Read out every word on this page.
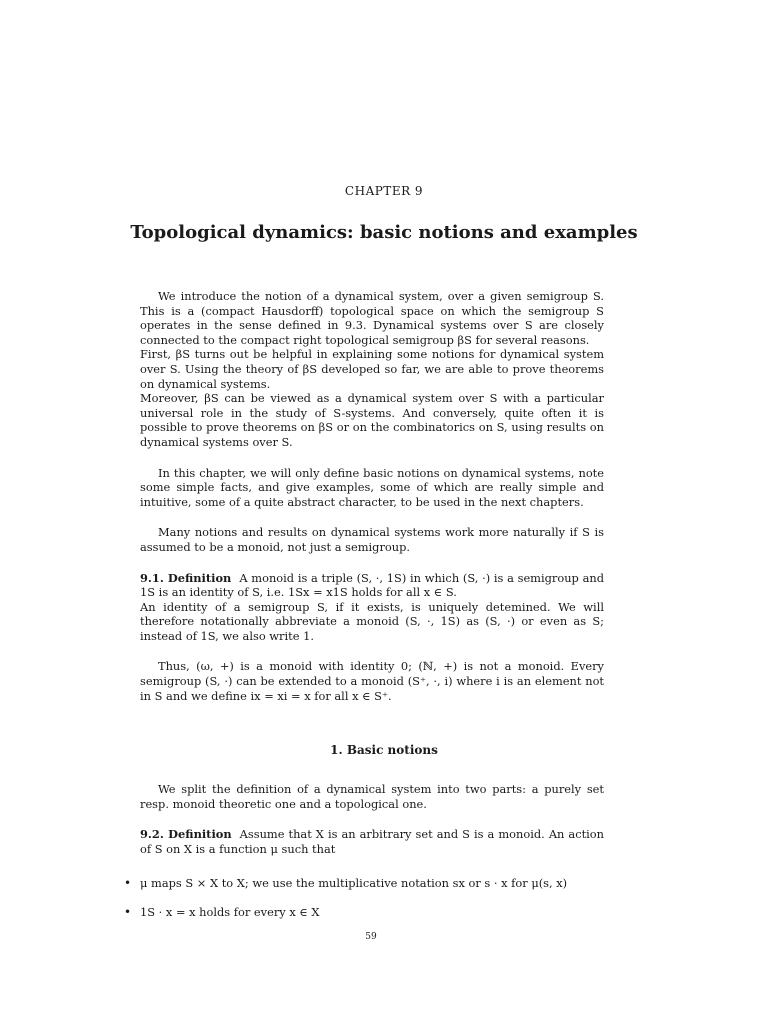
CHAPTER 9
Topological dynamics: basic notions and examples

We introduce the notion of a dynamical system, over a given semigroup S. This is a (compact Hausdorff) topological space on which the semigroup S operates in the sense defined in 9.3. Dynamical systems over S are closely connected to the compact right topological semigroup βS for several reasons.

First, βS turns out be helpful in explaining some notions for dynamical system over S. Using the theory of βS developed so far, we are able to prove theorems on dynamical systems.

Moreover, βS can be viewed as a dynamical system over S with a particular universal role in the study of S-systems. And conversely, quite often it is possible to prove theorems on βS or on the combinatorics on S, using results on dynamical systems over S.

In this chapter, we will only define basic notions on dynamical systems, note some simple facts, and give examples, some of which are really simple and intuitive, some of a quite abstract character, to be used in the next chapters.

Many notions and results on dynamical systems work more naturally if S is assumed to be a monoid, not just a semigroup.

9.1. Definition A monoid is a triple (S, ·, 1S) in which (S, ·) is a semigroup and 1S is an identity of S, i.e. 1Sx = x1S holds for all x ∈ S.

An identity of a semigroup S, if it exists, is uniquely detemined. We will therefore notationally abbreviate a monoid (S, ·, 1S) as (S, ·) or even as S; instead of 1S, we also write 1.

Thus, (ω, +) is a monoid with identity 0; (ℕ, +) is not a monoid. Every semigroup (S, ·) can be extended to a monoid (S⁺, ·, i) where i is an element not in S and we define ix = xi = x for all x ∈ S⁺.

1. Basic notions

We split the definition of a dynamical system into two parts: a purely set resp. monoid theoretic one and a topological one.

9.2. Definition Assume that X is an arbitrary set and S is a monoid. An action of S on X is a function μ such that

• μ maps S × X to X; we use the multiplicative notation sx or s · x for μ(s, x)
• 1S · x = x holds for every x ∈ X
59
